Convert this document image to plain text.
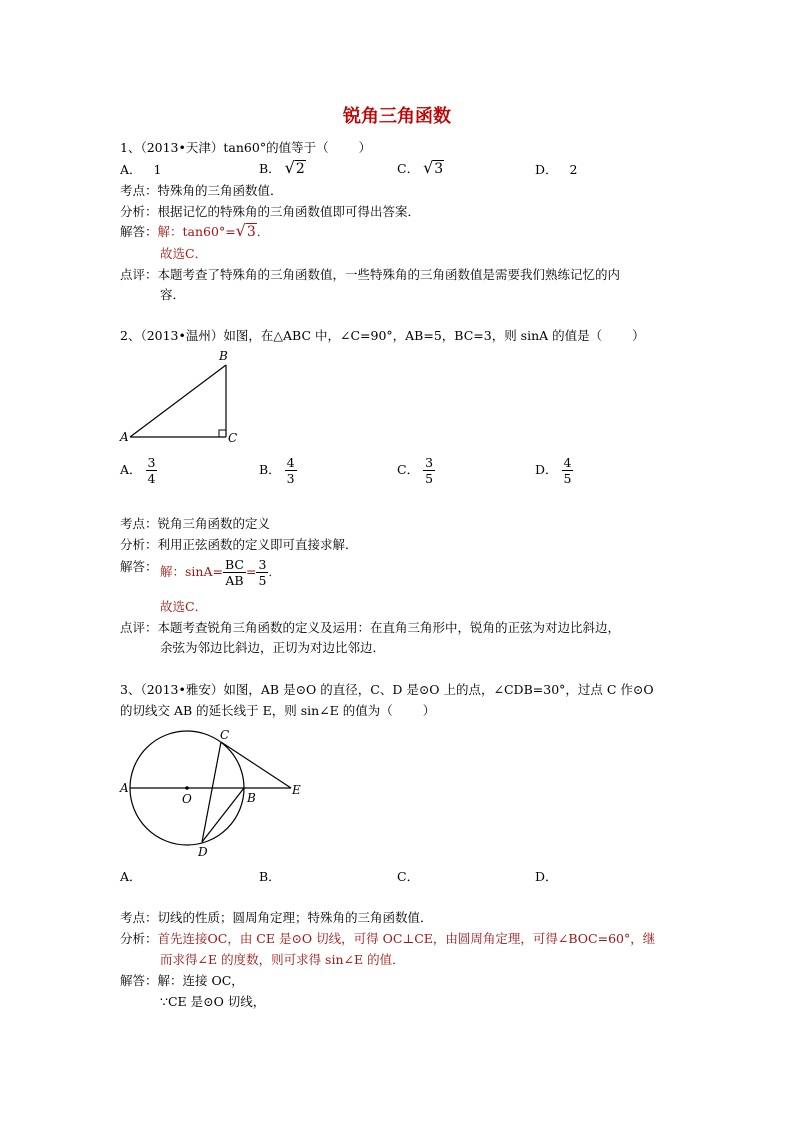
锐角三角函数
1、（2013•天津）tan60°的值等于（ ）
A． 1	B． √2	C． √3	D． 2
考点：特殊角的三角函数值．
分析：根据记忆的特殊角的三角函数值即可得出答案．
解答：解：tan60°=√3．
故选C．
点评：本题考查了特殊角的三角函数值，一些特殊角的三角函数值是需要我们熟练记忆的内
容．
2、（2013•温州）如图，在△ABC 中，∠C=90°，AB=5，BC=3，则 sinA 的值是（ ）
A
B
C
A． $\frac{3}{4}$	B． $\frac{4}{3}$	C． $\frac{3}{5}$	D． $\frac{4}{5}$
考点：锐角三角函数的定义
分析：利用正弦函数的定义即可直接求解．
解答： 解：$\sin A= \frac{BC}{AB} = \frac{3}{5}$ ．
故选C．
点评：本题考查锐角三角函数的定义及运用：在直角三角形中，锐角的正弦为对边比斜边，
余弦为邻边比斜边，正切为对边比邻边．
3、（2013•雅安）如图，AB 是⊙O 的直径，C、D 是⊙O 上的点，∠CDB=30°，过点 C 作⊙O
的切线交 AB 的延长线于 E，则 sin∠E 的值为（ ）
A
O	B
C
D
E
A．	B．	C．	D．
考点：切线的性质；圆周角定理；特殊角的三角函数值．
分析：首先连接OC，由 CE 是⊙O 切线，可得 OC⊥CE，由圆周角定理，可得∠BOC=60°，继
而求得∠E 的度数，则可求得 sin∠E 的值．
解答：解：连接 OC，
∵CE 是⊙O 切线，
